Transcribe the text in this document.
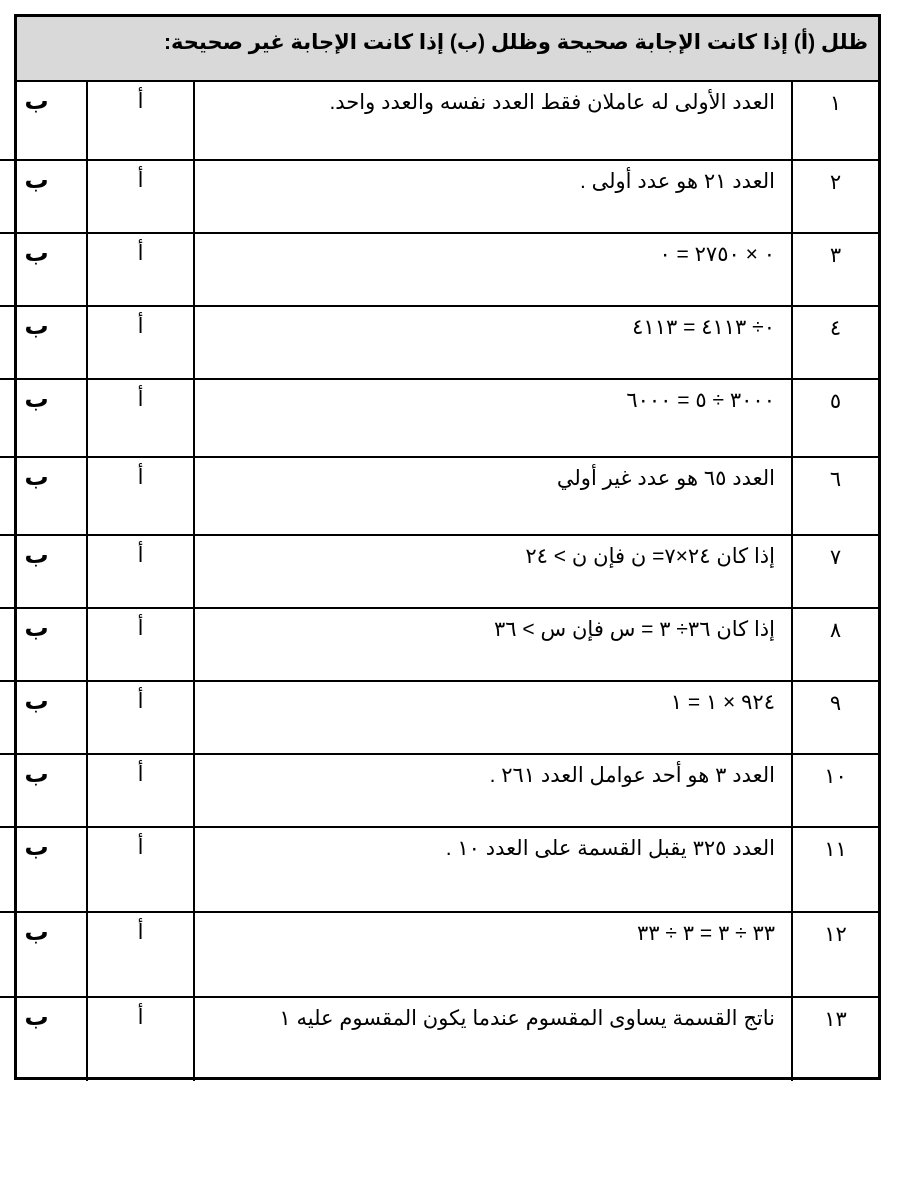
ظلل (أ) إذا كانت الإجابة صحيحة وظلل (ب) إذا كانت الإجابة غير صحيحة:
١	العدد الأولى له عاملان فقط العدد نفسه والعدد واحد.	أ	ب
٢	العدد ٢١ هو عدد أولى .	أ	ب
٣	٠ × ٢٧٥٠ = ٠	أ	ب
٤	٠÷ ٤١١٣ = ٤١١٣	أ	ب
٥	٣٠٠٠ ÷ ٥ = ٦٠٠٠	أ	ب
٦	العدد ٦٥ هو عدد غير أولي	أ	ب
٧	إذا كان ٢٤×٧= ن فإن ن > ٢٤	أ	ب
٨	إذا كان ٣٦÷ ٣ = س فإن س > ٣٦	أ	ب
٩	٩٢٤ × ١ = ١	أ	ب
١٠	العدد ٣ هو أحد عوامل العدد ٢٦١ .	أ	ب
١١	العدد ٣٢٥ يقبل القسمة على العدد ١٠ .	أ	ب
١٢	٣٣ ÷ ٣ = ٣ ÷ ٣٣	أ	ب
١٣	ناتج القسمة يساوى المقسوم عندما يكون المقسوم عليه ١	أ	ب
